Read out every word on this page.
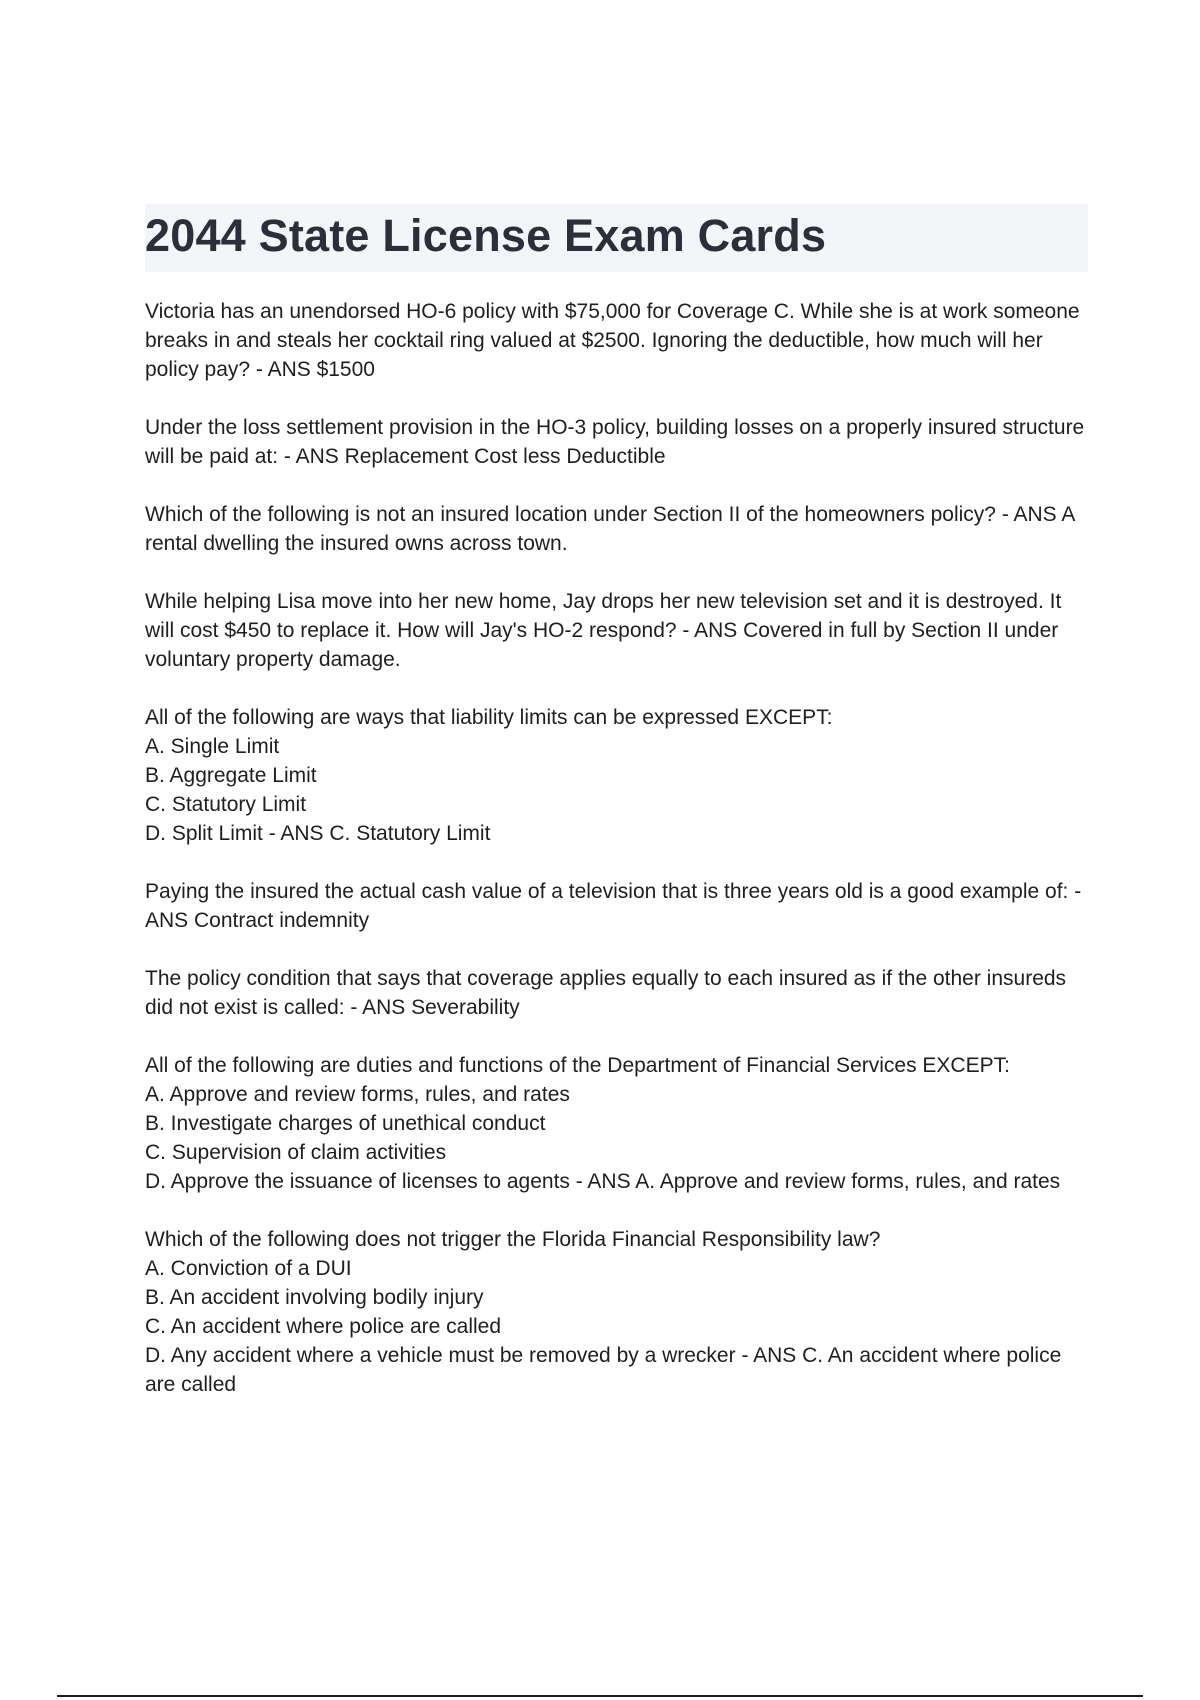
2044 State License Exam Cards

Victoria has an unendorsed HO-6 policy with $75,000 for Coverage C. While she is at work someone breaks in and steals her cocktail ring valued at $2500. Ignoring the deductible, how much will her policy pay? - ANS $1500

Under the loss settlement provision in the HO-3 policy, building losses on a properly insured structure will be paid at: - ANS Replacement Cost less Deductible

Which of the following is not an insured location under Section II of the homeowners policy? - ANS A rental dwelling the insured owns across town.

While helping Lisa move into her new home, Jay drops her new television set and it is destroyed. It will cost $450 to replace it. How will Jay's HO-2 respond? - ANS Covered in full by Section II under voluntary property damage.

All of the following are ways that liability limits can be expressed EXCEPT:
A. Single Limit
B. Aggregate Limit
C. Statutory Limit
D. Split Limit - ANS C. Statutory Limit

Paying the insured the actual cash value of a television that is three years old is a good example of: - ANS Contract indemnity

The policy condition that says that coverage applies equally to each insured as if the other insureds did not exist is called: - ANS Severability

All of the following are duties and functions of the Department of Financial Services EXCEPT:
A. Approve and review forms, rules, and rates
B. Investigate charges of unethical conduct
C. Supervision of claim activities
D. Approve the issuance of licenses to agents - ANS A. Approve and review forms, rules, and rates

Which of the following does not trigger the Florida Financial Responsibility law?
A. Conviction of a DUI
B. An accident involving bodily injury
C. An accident where police are called
D. Any accident where a vehicle must be removed by a wrecker - ANS C. An accident where police are called
